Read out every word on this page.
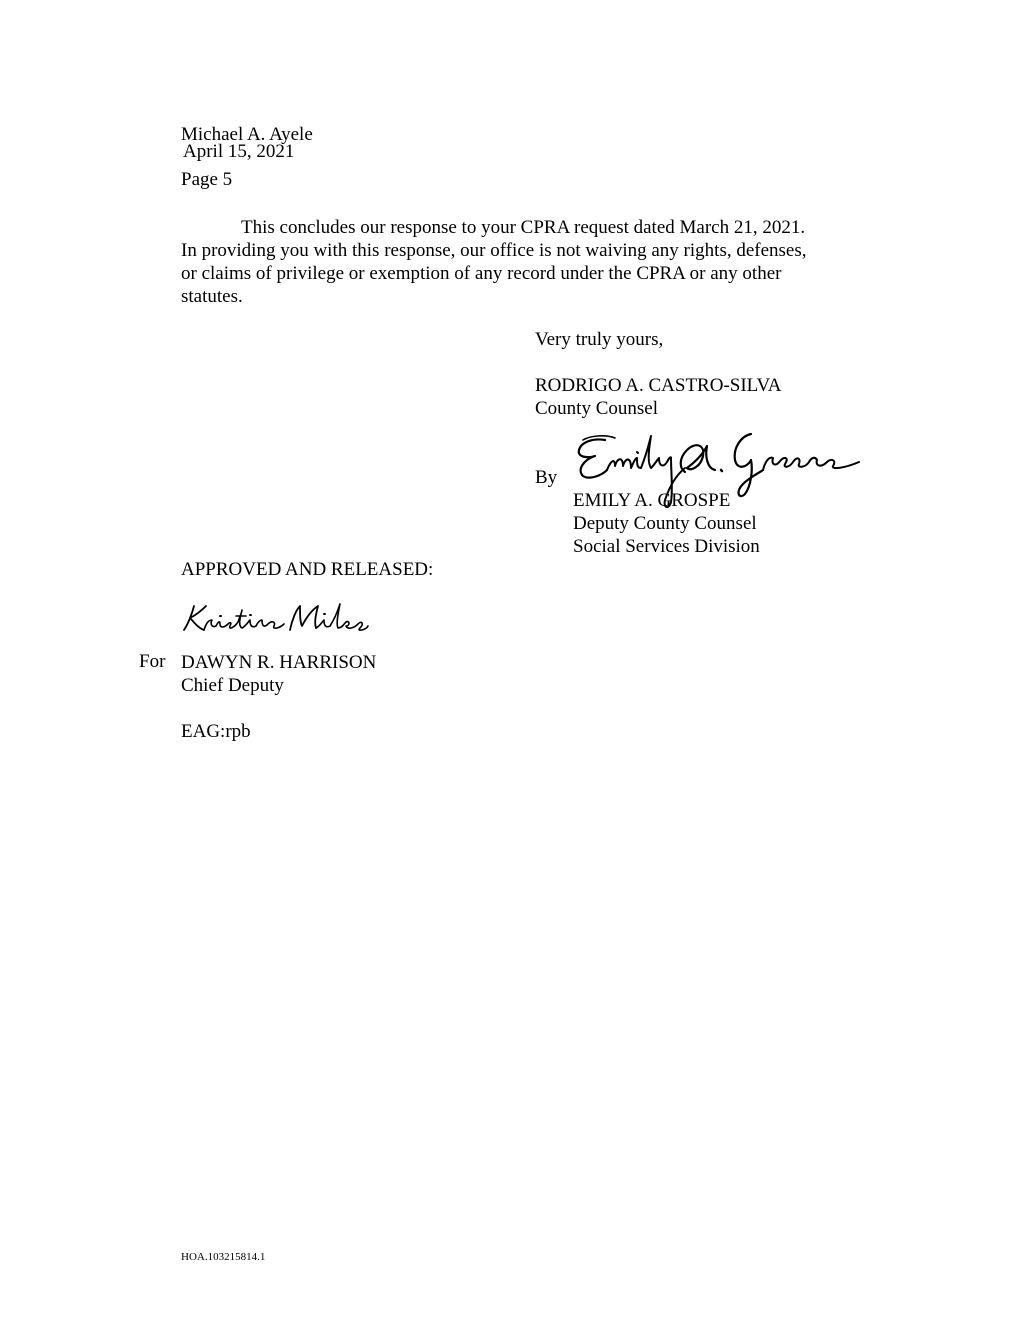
Michael A. Ayele
April 15, 2021
Page 5
This concludes our response to your CPRA request dated March 21, 2021.
In providing you with this response, our office is not waiving any rights, defenses,
or claims of privilege or exemption of any record under the CPRA or any other
statutes.
Very truly yours,
RODRIGO A. CASTRO-SILVA
County Counsel
By
EMILY A. GROSPE
Deputy County Counsel
Social Services Division
APPROVED AND RELEASED:
For DAWYN R. HARRISON
Chief Deputy
EAG:rpb
HOA.103215814.1
